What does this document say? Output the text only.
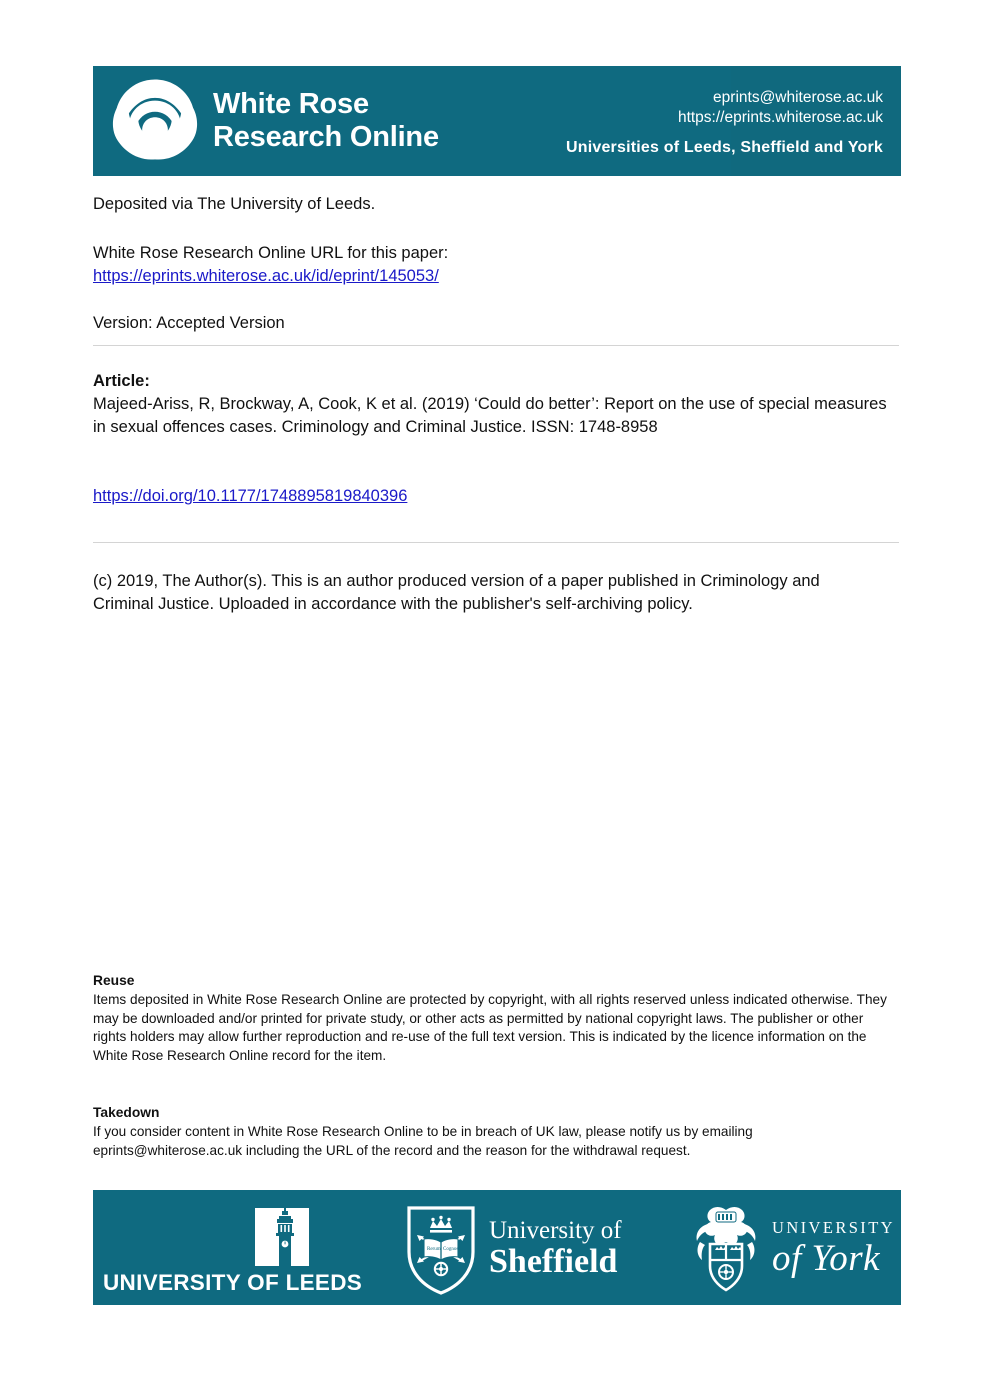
White Rose
Research Online
eprints@whiterose.ac.uk
https://eprints.whiterose.ac.uk
Universities of Leeds, Sheffield and York

Deposited via The University of Leeds.

White Rose Research Online URL for this paper:
https://eprints.whiterose.ac.uk/id/eprint/145053/
Version: Accepted Version
Article:
Majeed-Ariss, R, Brockway, A, Cook, K et al. (2019) ‘Could do better’: Report on the use of special measures in sexual offences cases. Criminology and Criminal Justice. ISSN: 1748-8958
https://doi.org/10.1177/1748895819840396
(c) 2019, The Author(s). This is an author produced version of a paper published in Criminology and Criminal Justice. Uploaded in accordance with the publisher's self-archiving policy.
Reuse

Items deposited in White Rose Research Online are protected by copyright, with all rights reserved unless indicated otherwise. They may be downloaded and/or printed for private study, or other acts as permitted by national copyright laws. The publisher or other rights holders may allow further reproduction and re-use of the full text version. This is indicated by the licence information on the White Rose Research Online record for the item.

Takedown

If you consider content in White Rose Research Online to be in breach of UK law, please notify us by emailing eprints@whiterose.ac.uk including the URL of the record and the reason for the withdrawal request.

UNIVERSITY OF LEEDS
Rerum Cognos
University of
Sheffield
UNIVERSITY
of York
